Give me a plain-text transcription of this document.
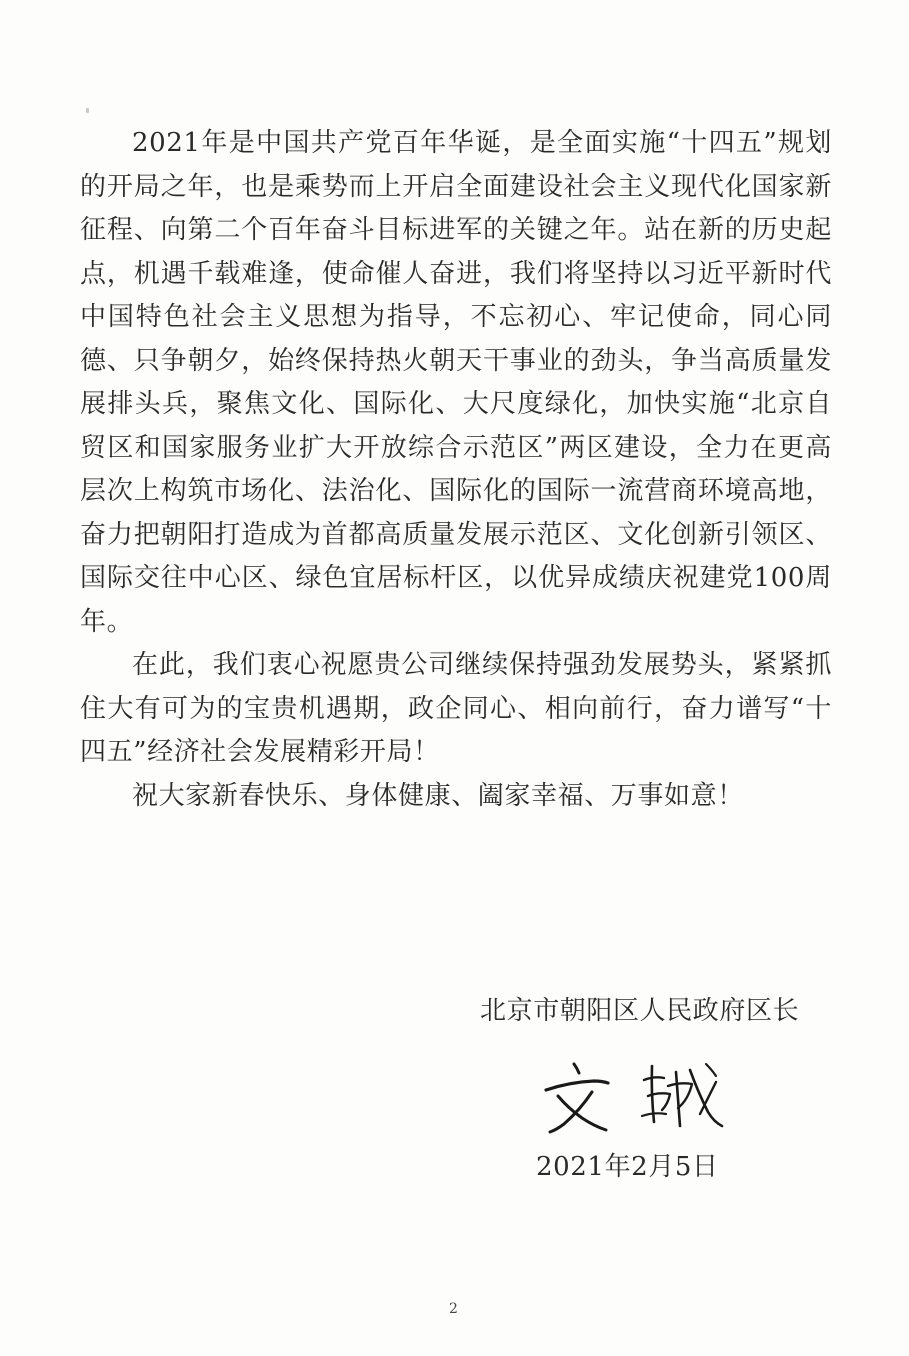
2021年是中国共产党百年华诞，是全面实施“十四五”规划的开局之年，也是乘势而上开启全面建设社会主义现代化国家新征程、向第二个百年奋斗目标进军的关键之年。站在新的历史起点，机遇千载难逢，使命催人奋进，我们将坚持以习近平新时代中国特色社会主义思想为指导，不忘初心、牢记使命，同心同德、只争朝夕，始终保持热火朝天干事业的劲头，争当高质量发展排头兵，聚焦文化、国际化、大尺度绿化，加快实施“北京自贸区和国家服务业扩大开放综合示范区”两区建设，全力在更高层次上构筑市场化、法治化、国际化的国际一流营商环境高地，奋力把朝阳打造成为首都高质量发展示范区、文化创新引领区、国际交往中心区、绿色宜居标杆区，以优异成绩庆祝建党100周年。

在此，我们衷心祝愿贵公司继续保持强劲发展势头，紧紧抓住大有可为的宝贵机遇期，政企同心、相向前行，奋力谱写“十四五”经济社会发展精彩开局！

祝大家新春快乐、身体健康、阖家幸福、万事如意！

北京市朝阳区人民政府区长
2021年2月5日
2
